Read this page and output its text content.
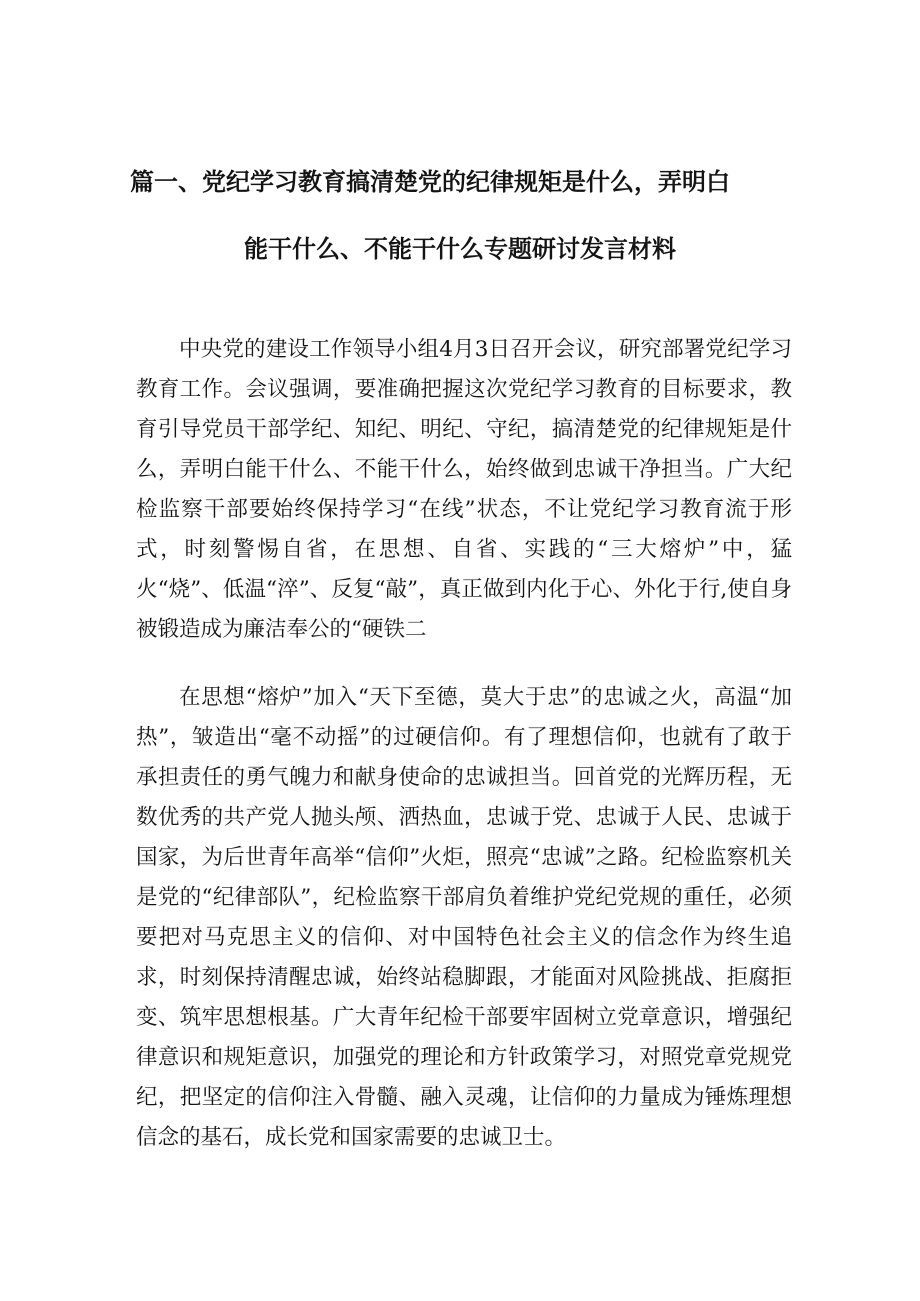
篇一、党纪学习教育搞清楚党的纪律规矩是什么，弄明白
能干什么、不能干什么专题研讨发言材料

中央党的建设工作领导小组4月3日召开会议，研究部署党纪学习教育工作。会议强调，要准确把握这次党纪学习教育的目标要求，教育引导党员干部学纪、知纪、明纪、守纪，搞清楚党的纪律规矩是什么，弄明白能干什么、不能干什么，始终做到忠诚干净担当。广大纪检监察干部要始终保持学习“在线”状态，不让党纪学习教育流于形式，时刻警惕自省，在思想、自省、实践的“三大熔炉”中，猛火“烧”、低温“淬”、反复“敲”，真正做到内化于心、外化于行,使自身被锻造成为廉洁奉公的“硬铁二

在思想“熔炉”加入“天下至德，莫大于忠”的忠诚之火，高温“加热”，皱造出“毫不动摇”的过硬信仰。有了理想信仰，也就有了敢于承担责任的勇气魄力和献身使命的忠诚担当。回首党的光辉历程，无数优秀的共产党人抛头颅、洒热血，忠诚于党、忠诚于人民、忠诚于国家，为后世青年高举“信仰”火炬，照亮“忠诚”之路。纪检监察机关是党的“纪律部队”，纪检监察干部肩负着维护党纪党规的重任，必须要把对马克思主义的信仰、对中国特色社会主义的信念作为终生追求，时刻保持清醒忠诚，始终站稳脚跟，才能面对风险挑战、拒腐拒变、筑牢思想根基。广大青年纪检干部要牢固树立党章意识，增强纪律意识和规矩意识，加强党的理论和方针政策学习，对照党章党规党纪，把坚定的信仰注入骨髓、融入灵魂，让信仰的力量成为锤炼理想信念的基石，成长党和国家需要的忠诚卫士。
